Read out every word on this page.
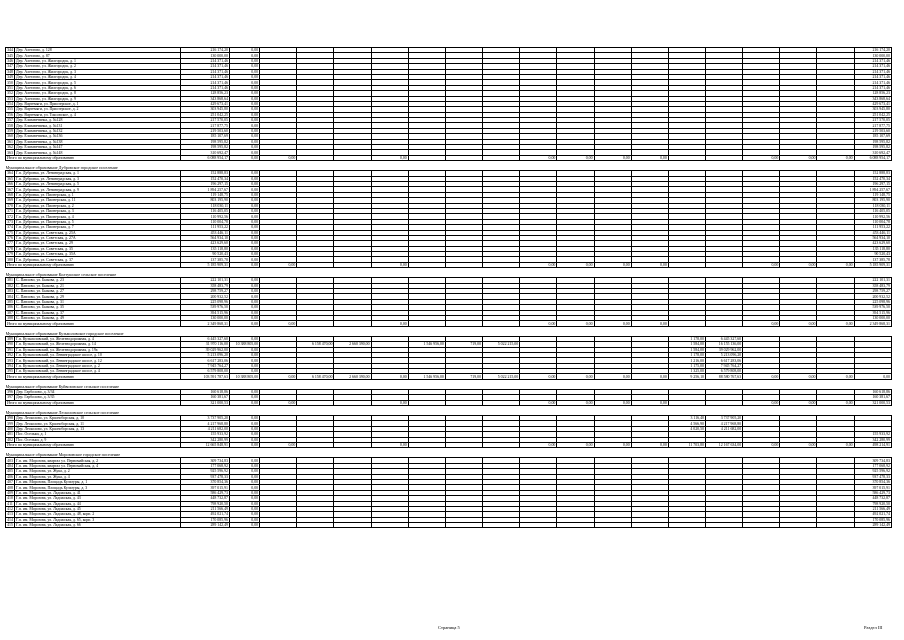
344	Дер. Алехтово, д. 128	216 174,20	0,00																	216 174,20
345	Дер. Алехтово, д. 87	130 000,00	0,00																	130 000,00
346	Дер. Алехтово, ул. Жилгородок, д. 1	214 371,46	0,00																	214 371,46
347	Дер. Алехтово, ул. Жилгородок, д. 2	214 371,46	0,00																	214 371,46
348	Дер. Алехтово, ул. Жилгородок, д. 3	214 371,46	0,00																	214 371,46
349	Дер. Алехтово, ул. Жилгородок, д. 4	214 371,46	0,00																	214 371,46
350	Дер. Алехтово, ул. Жилгородок, д. 5	214 371,46	0,00																	214 371,46
351	Дер. Алехтово, ул. Жилгородок, д. 6	214 371,46	0,00																	214 371,46
352	Дер. Алехтово, ул. Жилгородок, д. 8	128 856,23	0,00																	128 856,23
353	Дер. Алехтово, ул. Жилгородок, д. 9	343 868,64	0,00																	343 868,64
354	Дер. Вартемяги, ул. Приозерское, д. 1	429 673,41	0,00																	429 673,41
355	Дер. Вартемяги, ул. Приозерское, д. 2	303 945,80	0,00																	303 945,80
356	Дер. Вартемяги, ул. Токсовское, д. 4	251 042,25	0,00																	251 042,25
357	Дер. Елизаветинка, д. №128	217 570,05	0,00																	217 570,05
358	Дер. Елизаветинка, д. №131	217 877,75	0,00																	217 877,75
359	Дер. Елизаветинка, д. №132	219 503,60	0,00																	219 503,60
360	Дер. Елизаветинка, д. №136	185 107,69	0,00																	185 107,69
361	Дер. Елизаветинка, д. №138	198 595,82	0,00																	198 595,82
362	Дер. Елизаветинка, д. №147	198 595,82	0,00																	198 595,82
363	Дер. Елизаветинка, д. №148	310 692,47	0,00																	310 692,47
Итого по муниципальному образованию		6 088 954,17	0,00	0,00			0,00				0,00	0,00	0,00	0,00			0,00	0,00	0,00	6 088 954,17
Муниципальное образование Дубровское городское поселение																				
364	Г.п. Дубровка, ул. Ленинградская, д. 1	152 888,83	0,00																	152 888,83
365	Г.п. Дубровка, ул. Ленинградская, д. 3	152 470,34	0,00																	152 470,34
366	Г.п. Дубровка, ул. Ленинградская, д. 5	196 297,15	0,00																	196 297,15
367	Г.п. Дубровка, ул. Ленинградская, д. 9	1 894 257,67	0,00																	1 894 257,67
368	Г.п. Дубровка, ул. Пионерская, д. 1	119 148,75	0,00																	119 148,75
369	Г.п. Дубровка, ул. Пионерская, д. 11	803 195,90	0,00																	803 195,90
370	Г.п. Дубровка, ул. Пионерская, д. 2	118 030,11	0,00																	118 030,11
371	Г.п. Дубровка, ул. Пионерская, д. 3	116 405,05	0,00																	116 405,05
372	Г.п. Дубровка, ул. Пионерская, д. 4	110 992,56	0,00																	110 992,56
373	Г.п. Дубровка, ул. Пионерская, д. 5	110 004,78	0,00																	110 004,78
374	Г.п. Дубровка, ул. Пионерская, д. 7	111 953,22	0,00																	111 953,22
375	Г.п. Дубровка, ул. Советская, д. 25А	453 446,11	0,00																	453 446,11
376	Г.п. Дубровка, ул. Советская, д. 27А	564 934,10	0,00																	564 934,10
377	Г.п. Дубровка, ул. Советская, д. 29	423 629,60	0,00																	423 629,60
378	Г.п. Дубровка, ул. Советская, д. 35	135 118,80	0,00																	135 118,80
379	Г.п. Дубровка, ул. Советская, д. 35А	90 520,43	0,00																	90 520,43
380	Г.п. Дубровка, ул. Советская, д. 37	137 385,78	0,00																	137 385,78
Итого по муниципальному образованию		5 185 909,31	0,00	0,00			0,00				0,00	0,00	0,00	0,00			0,00	0,00	0,00	5 185 909,31
Муниципальное образование Колтушское сельское поселение																				
381	С. Павлово, ул. Быкова, д. 23	222 101,31	0,00																	222 101,31
382	С. Павлово, ул. Быкова, д. 21	358 483,79	0,00																	358 483,79
383	С. Павлово, ул. Быкова, д. 27	298 759,27	0,00																	298 759,27
384	С. Павлово, ул. Быкова, д. 29	200 932,52	0,00																	200 932,52
385	С. Павлово, ул. Быкова, д. 31	225 098,96	0,00																	225 098,96
386	С. Павлово, ул. Быкова, д. 35	539 976,50	0,00																	539 976,50
387	С. Павлово, ул. Быкова, д. 37	394 515,96	0,00																	394 515,96
388	С. Павлово, ул. Быкова, д. 49	130 000,00	0,00																	130 000,00
Итого по муниципальному образованию		2 349 868,31	0,00	0,00			0,00				0,00	0,00	0,00	0,00			0,00	0,00	0,00	2 349 868,31
Муниципальное образование Кузьмоловское городское поселение																				
389	Г.п. Кузьмоловский, ул. Железнодорожная, д. 4	6 445 327,60	0,00												1 178,00	6 445 327,60				
390	Г.п. Кузьмоловский, ул. Железнодорожная, д. 14	31 970 116,00	10 388 805,00		6 158 470,00	2 660 390,00		1 546 956,00	719,00	5 022 215,00					1 584,00	16 155 136,00				
391	Г.п. Кузьмоловский, ул. Железнодорожная, д. 19а	39 029 962,00	0,00												1 584,00	39 029 962,00				
392	Г.п. Кузьмоловский, ул. Ленинградское шоссе, д. 10	5 213 096,20	0,00												1 178,00	5 213 096,20				
393	Г.п. Кузьмоловский, ул. Ленинградское шоссе, д. 12	6 617 283,06	0,00												1 216,00	6 617 283,06				
394	Г.п. Кузьмоловский, ул. Ленинградское шоссе, д. 2	7 945 764,27	0,00												1 175,00	7 945 764,27				
395	Г.п. Кузьмоловский, ул. Ленинградское шоссе, д. 4	6 579 808,00	0,00												1 325,00	6 579 808,00				
Итого по муниципальному образованию		103 591 787,63	10 388 805,00	0,00	6 158 470,00	2 660 390,00	0,00	1 546 956,00	719,00	5 022 215,00	0,00	0,00	0,00	0,00	9 256,10	88 580 767,63	0,00	0,00	0,00	0,00
Муниципальное образование Куйвозовское сельское поселение																				
396	Дер. Гарболово, д. 3/34	160 618,86	0,00																	160 618,86
397	Дер. Гарболово, д. 3/35	160 381,67	0,00																	160 381,67
Итого по муниципальному образованию		321 000,53	0,00	0,00			0,00				0,00	0,00	0,00	0,00			0,00	0,00	0,00	321 000,53
Муниципальное образование Лесколовское сельское поселение																				
398	Дер. Лесколово, ул. Красноборская, д. 10	3 737 905,20	0,00												3 116,40	3 737 905,20				
399	Дер. Лесколово, ул. Красноборская, д. 11	4 217 968,80	0,00												4 566,90	4 217 968,80				
400	Дер. Лесколово, ул. Красноборская, д. 13	4 211 682,00	0,00												4 020,50	4 211 682,00				
401	Пос. Осельки, д. 1	155 933,92	0,00																	155 933,92
402	Пос. Осельки, д. 9	342 280,99	0,00																	342 280,99
Итого по муниципальному образованию		12 665 848,91	0,00	0,00			0,00				0,00	0,00	0,00	0,00	11 703,80	12 167 634,00	0,00	0,00	0,00	498 214,91
Муниципальное образование Морозовское городское поселение																				
403	Г.п. им. Морозова, квартал ул. Первомайская, д. 2	309 734,83	0,00																	309 734,83
404	Г.п. им. Морозова, квартал ул. Первомайская, д. 4	177 068,92	0,00																	177 068,92
405	Г.п. им. Морозова, ул. Жука, д. 2	925 596,92	0,00																	925 596,92
406	Г.п. им. Морозова, ул. Жука, д. 4	937 478,33	0,00																	937 478,33
407	Г.п. им. Морозова, Площадь Культуры, д. 1	370 854,36	0,00																	370 854,36
408	Г.п. им. Морозова, Площадь Культуры, д. 3	397 015,91	0,00																	397 015,91
409	Г.п. им. Морозова, ул. Ладожская, д. 41	586 429,73	0,00																	586 429,73
410	Г.п. им. Морозова, ул. Ладожская, д. 43	448 732,87	0,00																	448 732,87
411	Г.п. им. Морозова, ул. Ладожская, д. 44	798 920,50	0,00																	798 920,50
412	Г.п. им. Морозова, ул. Ладожская, д. 45	211 566,49	0,00																	211 566,49
413	Г.п. им. Морозова, ул. Ладожская, д. 48, корп. 2	492 021,74	0,00																	492 021,74
414	Г.п. им. Морозова, ул. Ладожская, д. 65, корп. 3	170 085,96	0,00																	170 085,96
415	Г.п. им. Морозова, ул. Ладожская, д. 66	289 142,49	0,00																	289 142,49
Страница 5	Раздел III
